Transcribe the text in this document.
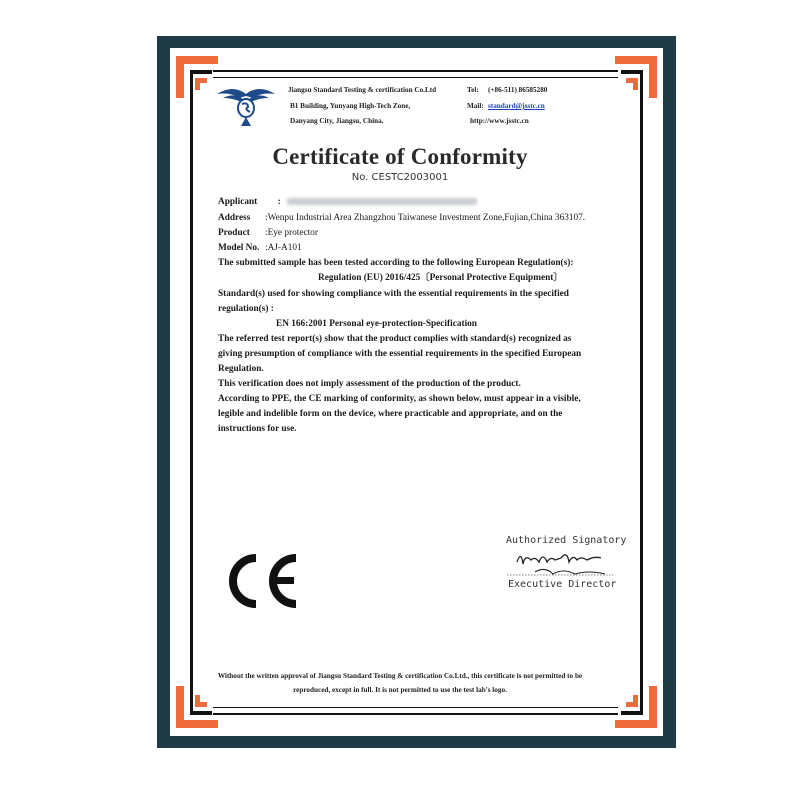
Jiangsu Standard Testing & certification Co.Ltd
B1 Building, Yunyang High-Tech Zone,
Danyang City, Jiangsu, China.
Tel: (+86-511) 86585280
Mail: standard@jsstc.cn
http://www.jsstc.cn
Certificate of Conformity
No. CESTC2003001
Applicant :
Address :Wenpu Industrial Area Zhangzhou Taiwanese Investment Zone,Fujian,China 363107.
Product :Eye protector
Model No. :AJ-A101
The submitted sample has been tested according to the following European Regulation(s):
Regulation (EU) 2016/425〔Personal Protective Equipment〕
Standard(s) used for showing compliance with the essential requirements in the specified
regulation(s) :
EN 166:2001 Personal eye-protection-Specification
The referred test report(s) show that the product complies with standard(s) recognized as
giving presumption of compliance with the essential requirements in the specified European
Regulation.
This verification does not imply assessment of the production of the product.
According to PPE, the CE marking of conformity, as shown below, must appear in a visible,
legible and indelible form on the device, where practicable and appropriate, and on the
instructions for use.
Authorized Signatory
Executive Director
Without the written approval of Jiangsu Standard Testing & certification Co.Ltd., this certificate is not permitted to be
reproduced, except in full. It is not permitted to use the test lab's logo.
